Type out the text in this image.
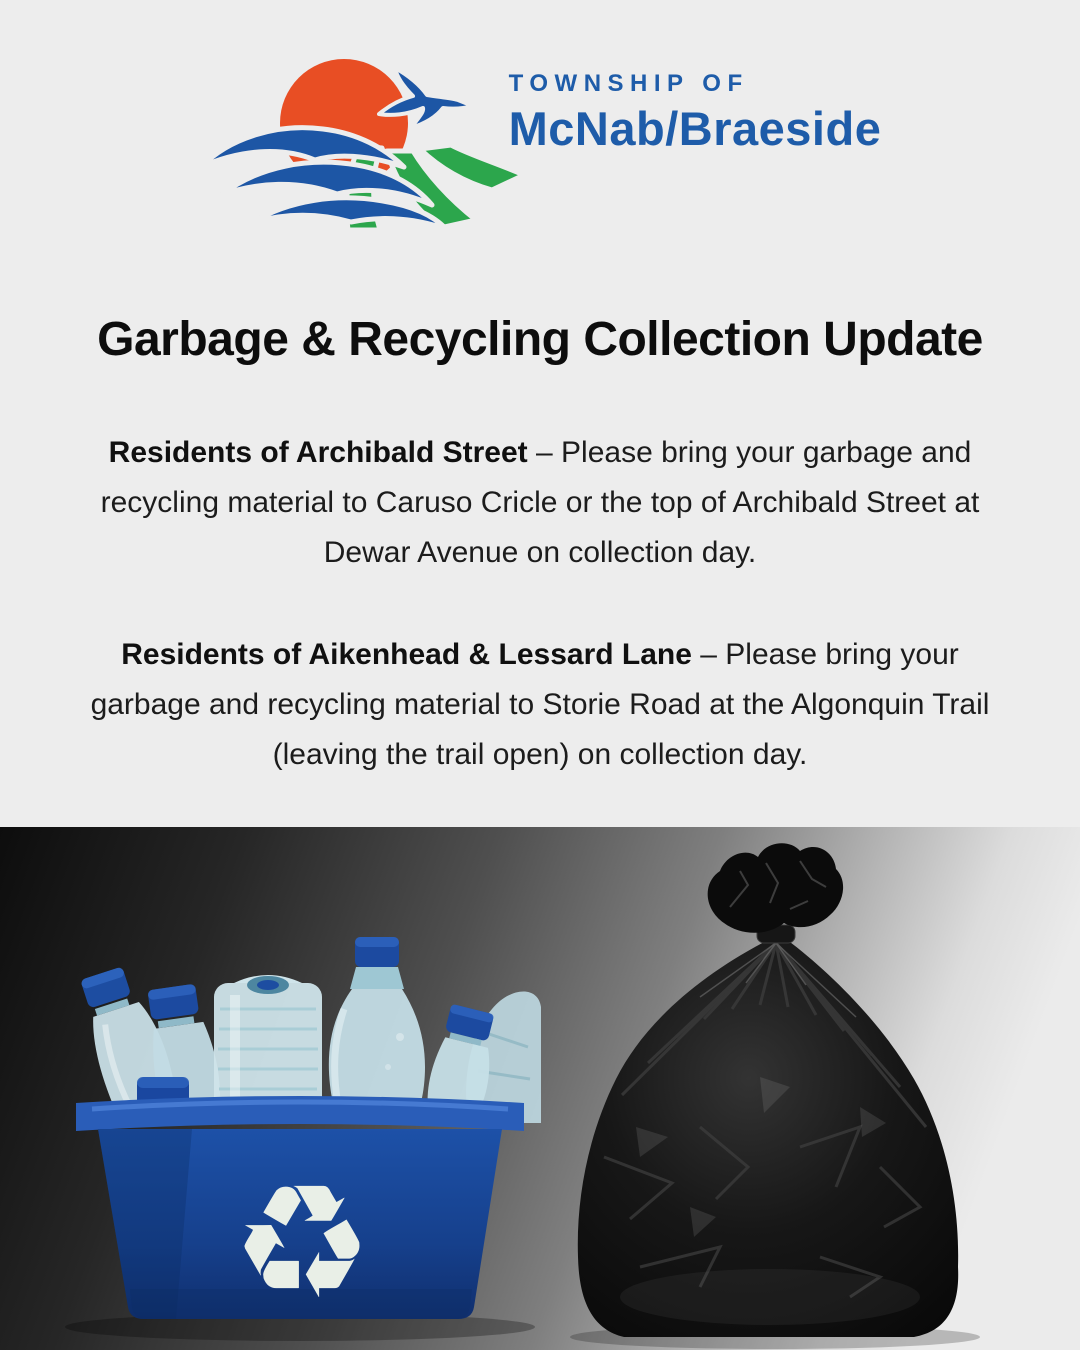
TOWNSHIP OF
McNab/Braeside
Garbage & Recycling Collection Update

Residents of Archibald Street – Please bring your garbage and recycling material to Caruso Cricle or the top of Archibald Street at Dewar Avenue on collection day.

Residents of Aikenhead & Lessard Lane – Please bring your garbage and recycling material to Storie Road at the Algonquin Trail (leaving the trail open) on collection day.

♻
